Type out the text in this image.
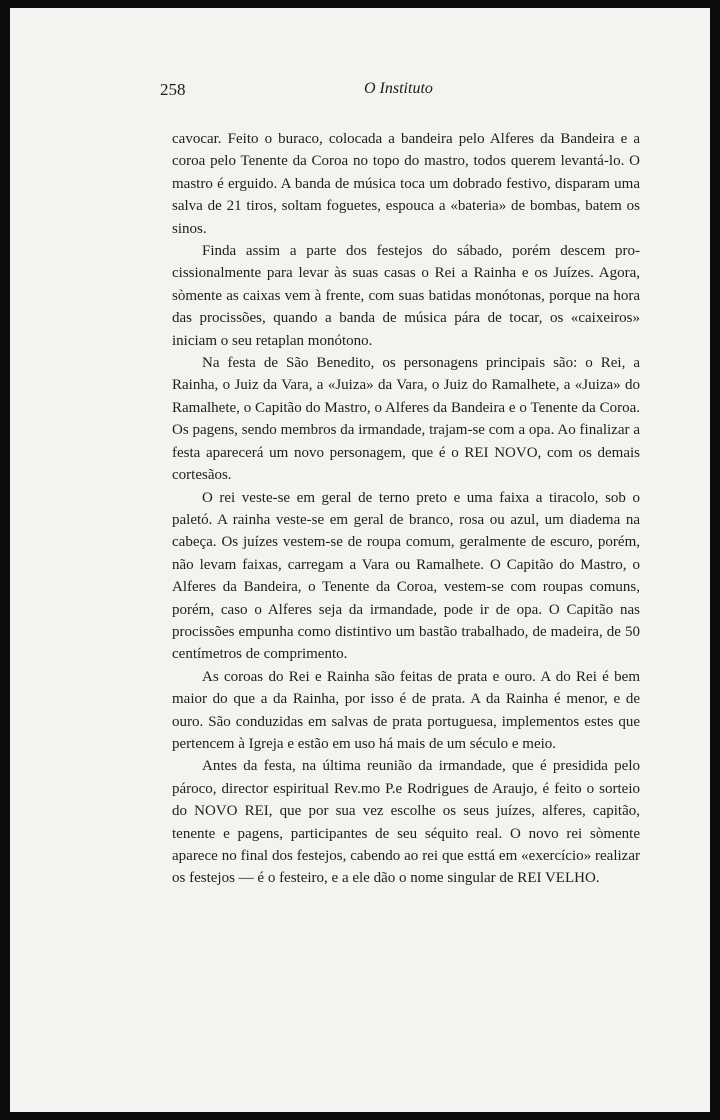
258	O Instituto

cavocar. Feito o buraco, colocada a bandeira pelo Alferes da Bandeira e a coroa pelo Tenente da Coroa no topo do mastro, todos querem levantá-lo. O mastro é erguido. A banda de música toca um dobrado festivo, disparam uma salva de 21 tiros, soltam foguetes, espouca a «bateria» de bombas, batem os sinos.

Finda assim a parte dos festejos do sábado, porém descem procissionalmente para levar às suas casas o Rei a Rainha e os Juízes. Agora, sòmente as caixas vem à frente, com suas batidas monótonas, porque na hora das procissões, quando a banda de música pára de tocar, os «caixeiros» iniciam o seu retaplan monótono.

Na festa de São Benedito, os personagens principais são: o Rei, a Rainha, o Juiz da Vara, a «Juiza» da Vara, o Juiz do Ramalhete, a «Juiza» do Ramalhete, o Capitão do Mastro, o Alferes da Bandeira e o Tenente da Coroa. Os pagens, sendo membros da irmandade, trajam-se com a opa. Ao finalizar a festa aparecerá um novo personagem, que é o REI NOVO, com os demais cortesãos.

O rei veste-se em geral de terno preto e uma faixa a tiracolo, sob o paletó. A rainha veste-se em geral de branco, rosa ou azul, um diadema na cabeça. Os juízes vestem-se de roupa comum, geralmente de escuro, porém, não levam faixas, carregam a Vara ou Ramalhete. O Capitão do Mastro, o Alferes da Bandeira, o Tenente da Coroa, vestem-se com roupas comuns, porém, caso o Alferes seja da irmandade, pode ir de opa. O Capitão nas procissões empunha como distintivo um bastão trabalhado, de madeira, de 50 centímetros de comprimento.

As coroas do Rei e Rainha são feitas de prata e ouro. A do Rei é bem maior do que a da Rainha, por isso é de prata. A da Rainha é menor, e de ouro. São conduzidas em salvas de prata portuguesa, implementos estes que pertencem à Igreja e estão em uso há mais de um século e meio.

Antes da festa, na última reunião da irmandade, que é presidida pelo pároco, director espiritual Rev.mo P.e Rodrigues de Araujo, é feito o sorteio do NOVO REI, que por sua vez escolhe os seus juízes, alferes, capitão, tenente e pagens, participantes de seu séquito real. O novo rei sòmente aparece no final dos festejos, cabendo ao rei que esttá em «exercício» realizar os festejos — é o festeiro, e a ele dão o nome singular de REI VELHO.
